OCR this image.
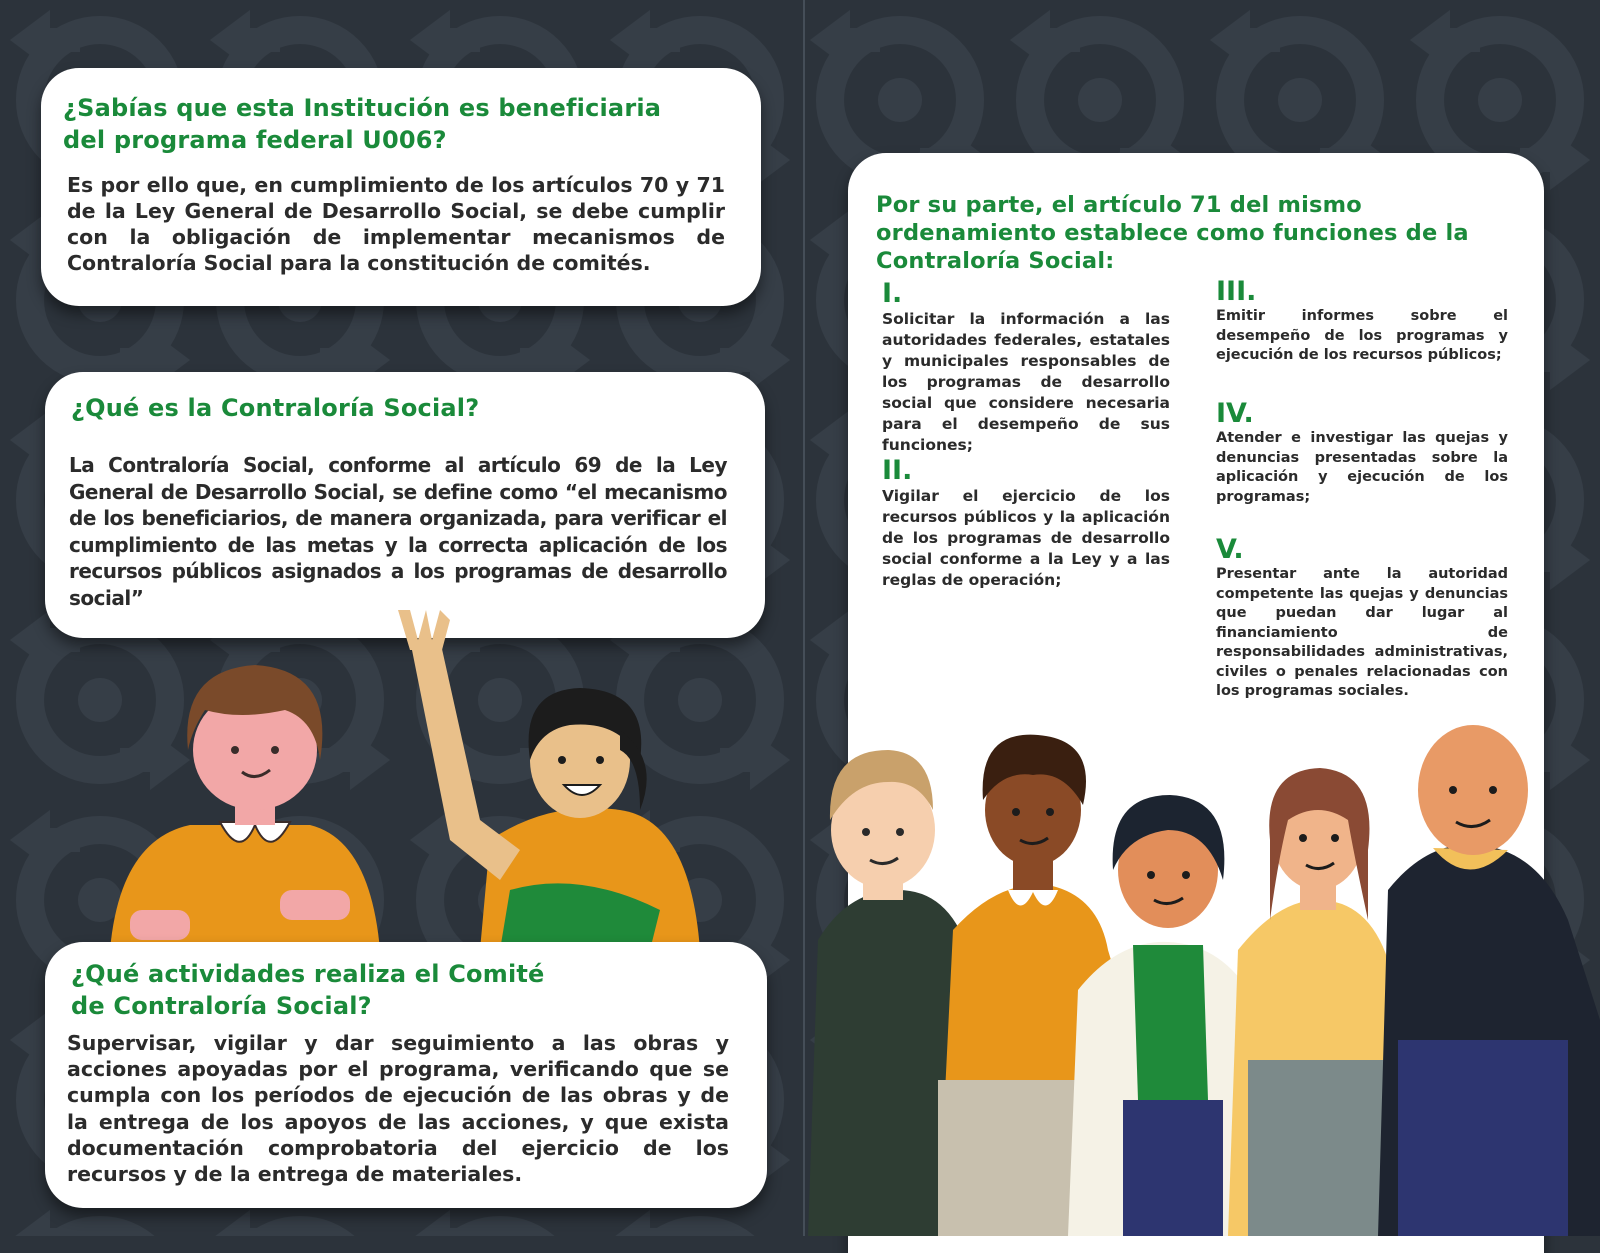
¿Sabías que esta Institución es beneficiaria del programa federal U006?

Es por ello que, en cumplimiento de los artículos 70 y 71 de la Ley General de Desarrollo Social, se debe cumplir con la obligación de implementar mecanismos de Contraloría Social para la constitución de comités.

¿Qué es la Contraloría Social?

La Contraloría Social, conforme al artículo 69 de la Ley General de Desarrollo Social, se define como “el mecanismo de los beneficiarios, de manera organizada, para verificar el cumplimiento de las metas y la correcta aplicación de los recursos públicos asignados a los programas de desarrollo social”

¿Qué actividades realiza el Comité de Contraloría Social?

Supervisar, vigilar y dar seguimiento a las obras y acciones apoyadas por el programa, verificando que se cumpla con los períodos de ejecución de las obras y de la entrega de los apoyos de las acciones, y que exista documentación comprobatoria del ejercicio de los recursos y de la entrega de materiales.

Por su parte, el artículo 71 del mismo ordenamiento establece como funciones de la Contraloría Social:
I.
Solicitar la información a las autoridades federales, estatales y municipales responsables de los programas de desarrollo social que considere necesaria para el desempeño de sus funciones;
II.
Vigilar el ejercicio de los recursos públicos y la aplicación de los programas de desarrollo social conforme a la Ley y a las reglas de operación;
III.
Emitir informes sobre el desempeño de los programas y ejecución de los recursos públicos;
IV.
Atender e investigar las quejas y denuncias presentadas sobre la aplicación y ejecución de los programas;
V.
Presentar ante la autoridad competente las quejas y denuncias que puedan dar lugar al financiamiento de responsabilidades administrativas, civiles o penales relacionadas con los programas sociales.
